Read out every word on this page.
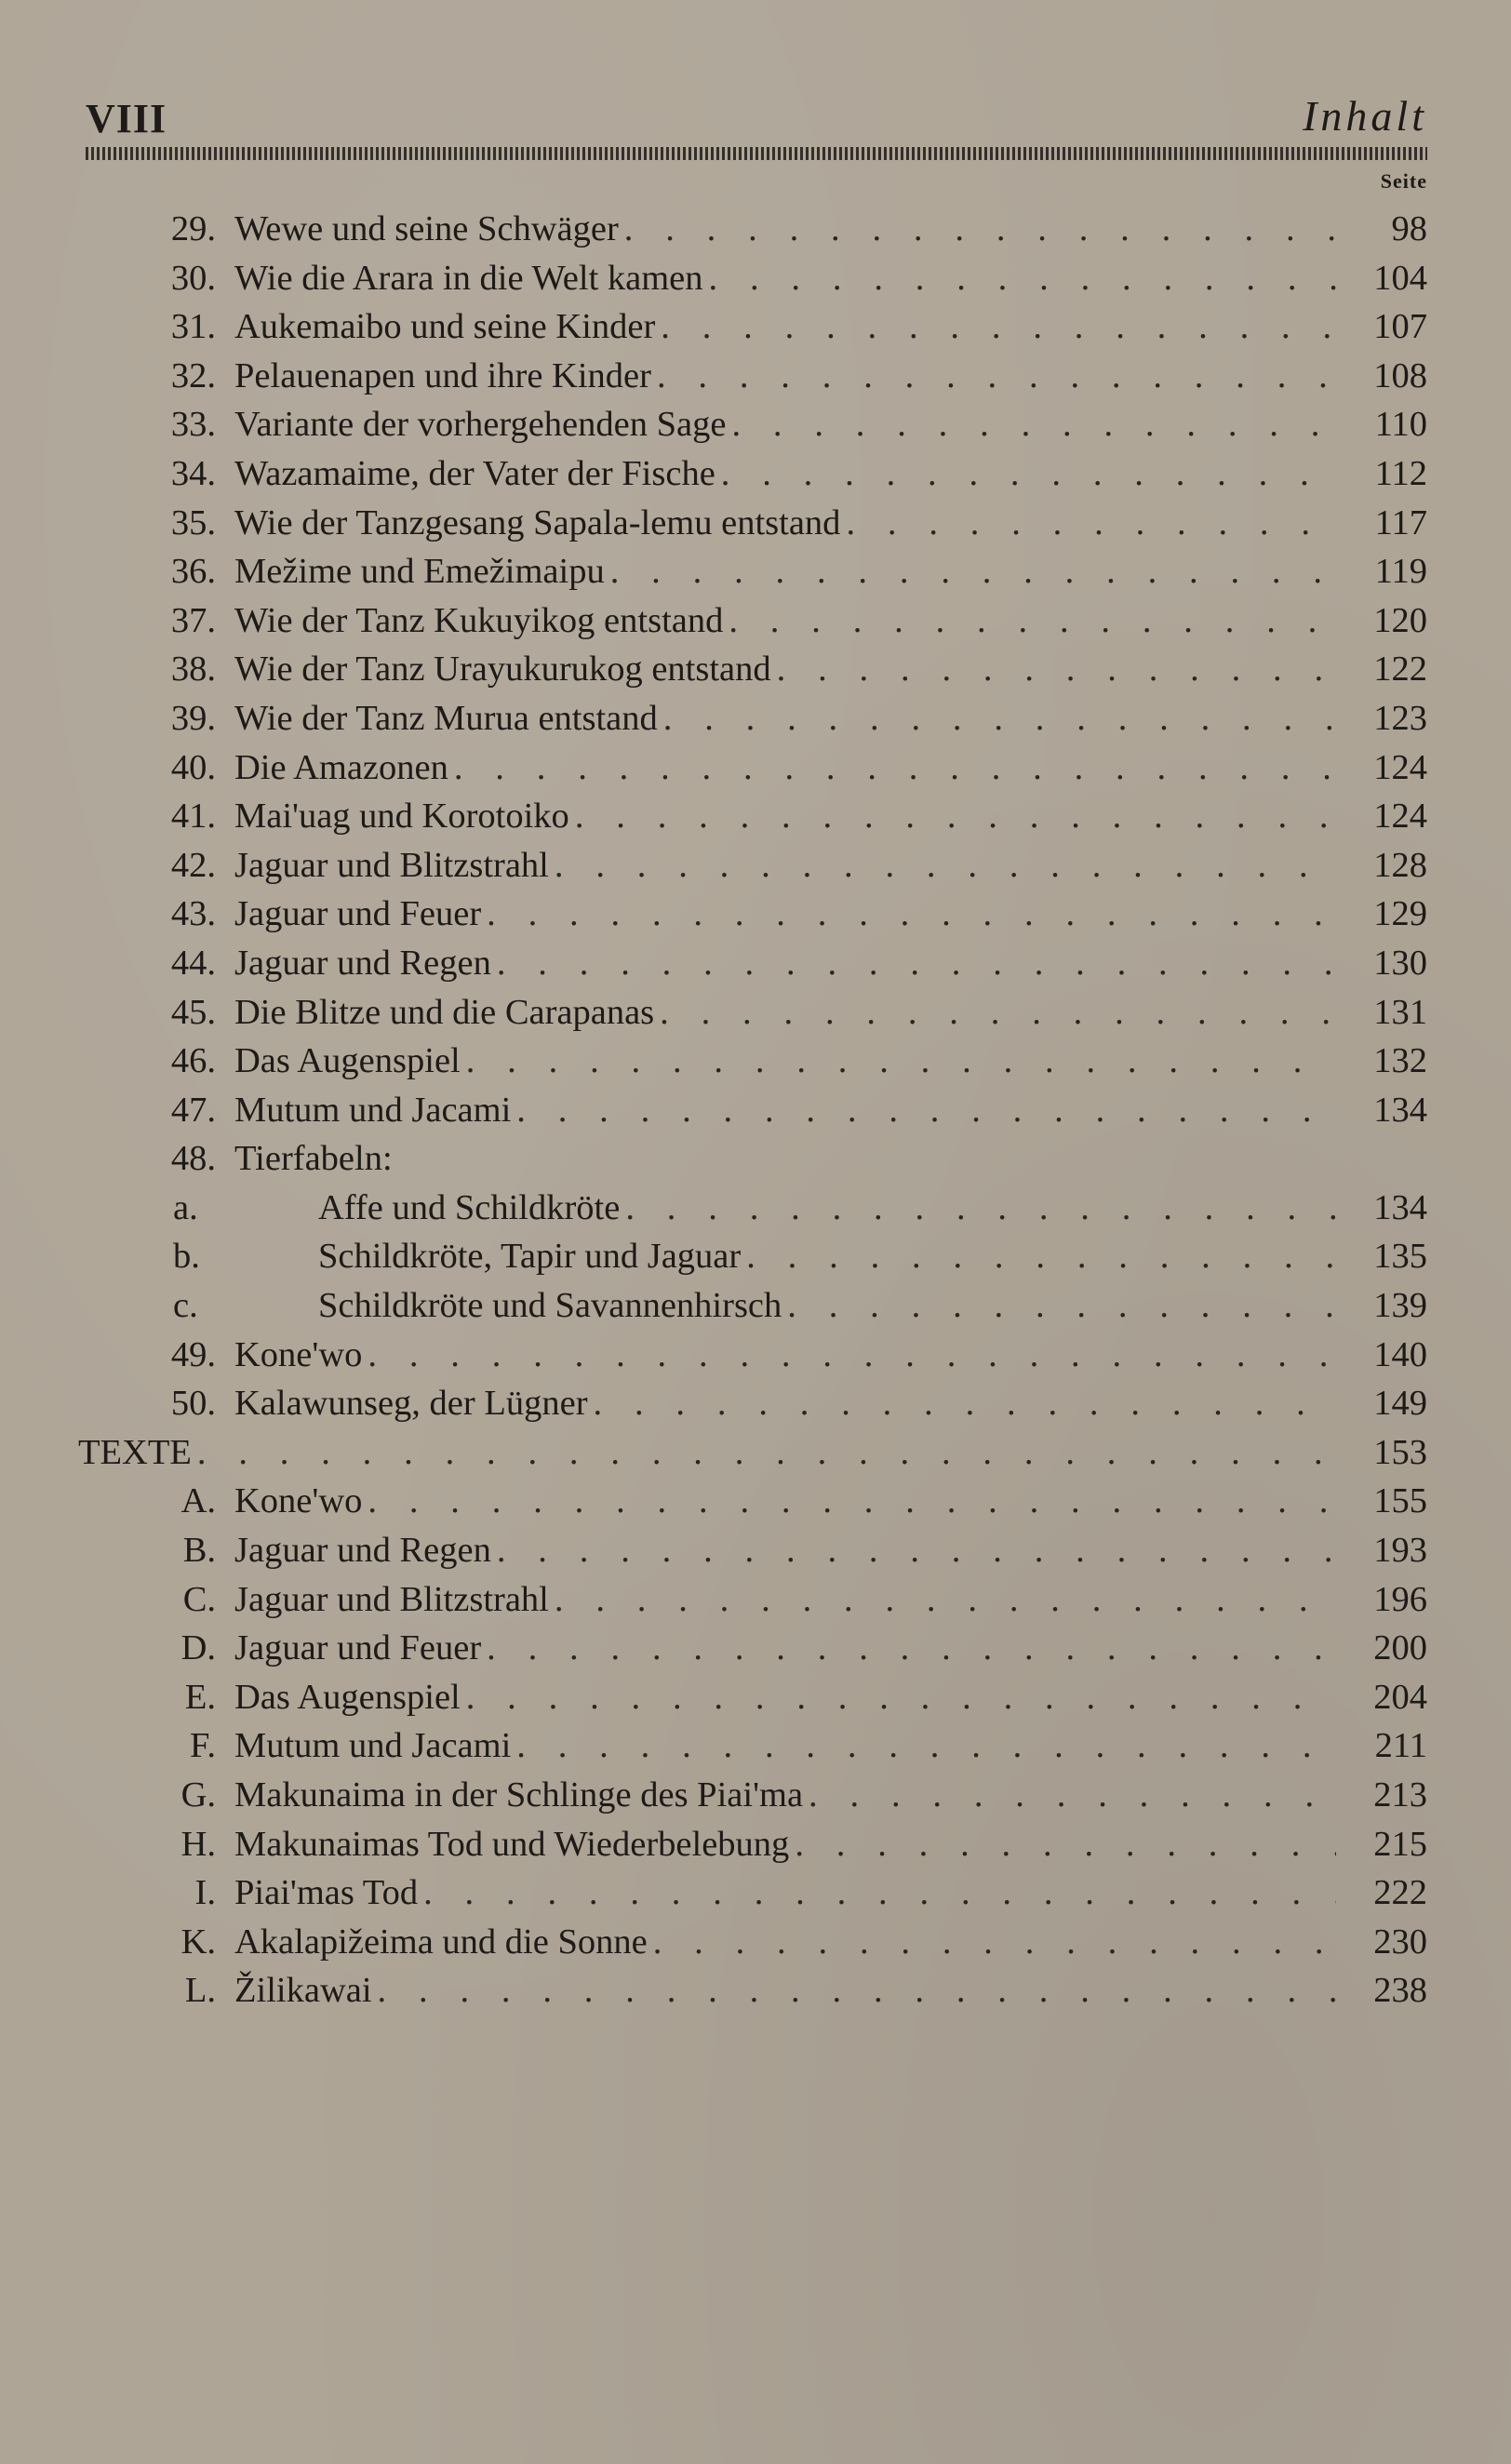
VIII	Inhalt
Seite
29. Wewe und seine Schwäger . . .	98
30. Wie die Arara in die Welt kamen . . .	104
31. Aukemaibo und seine Kinder . . .	107
32. Pelauenapen und ihre Kinder . . .	108
33. Variante der vorhergehenden Sage . . .	110
34. Wazamaime, der Vater der Fische . . .	112
35. Wie der Tanzgesang Sapala-lemu entstand . . .	117
36. Mežime und Emežimaipu . . .	119
37. Wie der Tanz Kukuyikog entstand . . .	120
38. Wie der Tanz Urayukurukog entstand . . .	122
39. Wie der Tanz Murua entstand . . .	123
40. Die Amazonen . . .	124
41. Mai'uag und Korotoiko . . .	124
42. Jaguar und Blitzstrahl . . .	128
43. Jaguar und Feuer . . .	129
44. Jaguar und Regen . . .	130
45. Die Blitze und die Carapanas . . .	131
46. Das Augenspiel . . .	132
47. Mutum und Jacami . . .	134
48. Tierfabeln:
a.	Affe und Schildkröte . . .	134
b.	Schildkröte, Tapir und Jaguar . . .	135
c.	Schildkröte und Savannenhirsch . . .	139
49. Kone'wo . . .	140
50. Kalawunseg, der Lügner . . .	149
TEXTE . . .	153
A. Kone'wo . . .	155
B. Jaguar und Regen . . .	193
C. Jaguar und Blitzstrahl . . .	196
D. Jaguar und Feuer . . .	200
E. Das Augenspiel . . .	204
F. Mutum und Jacami . . .	211
G. Makunaima in der Schlinge des Piai'ma . . .	213
H. Makunaimas Tod und Wiederbelebung . . .	215
I. Piai'mas Tod . . .	222
K. Akalapižeima und die Sonne . . .	230
L. Žilikawai . . .	238
